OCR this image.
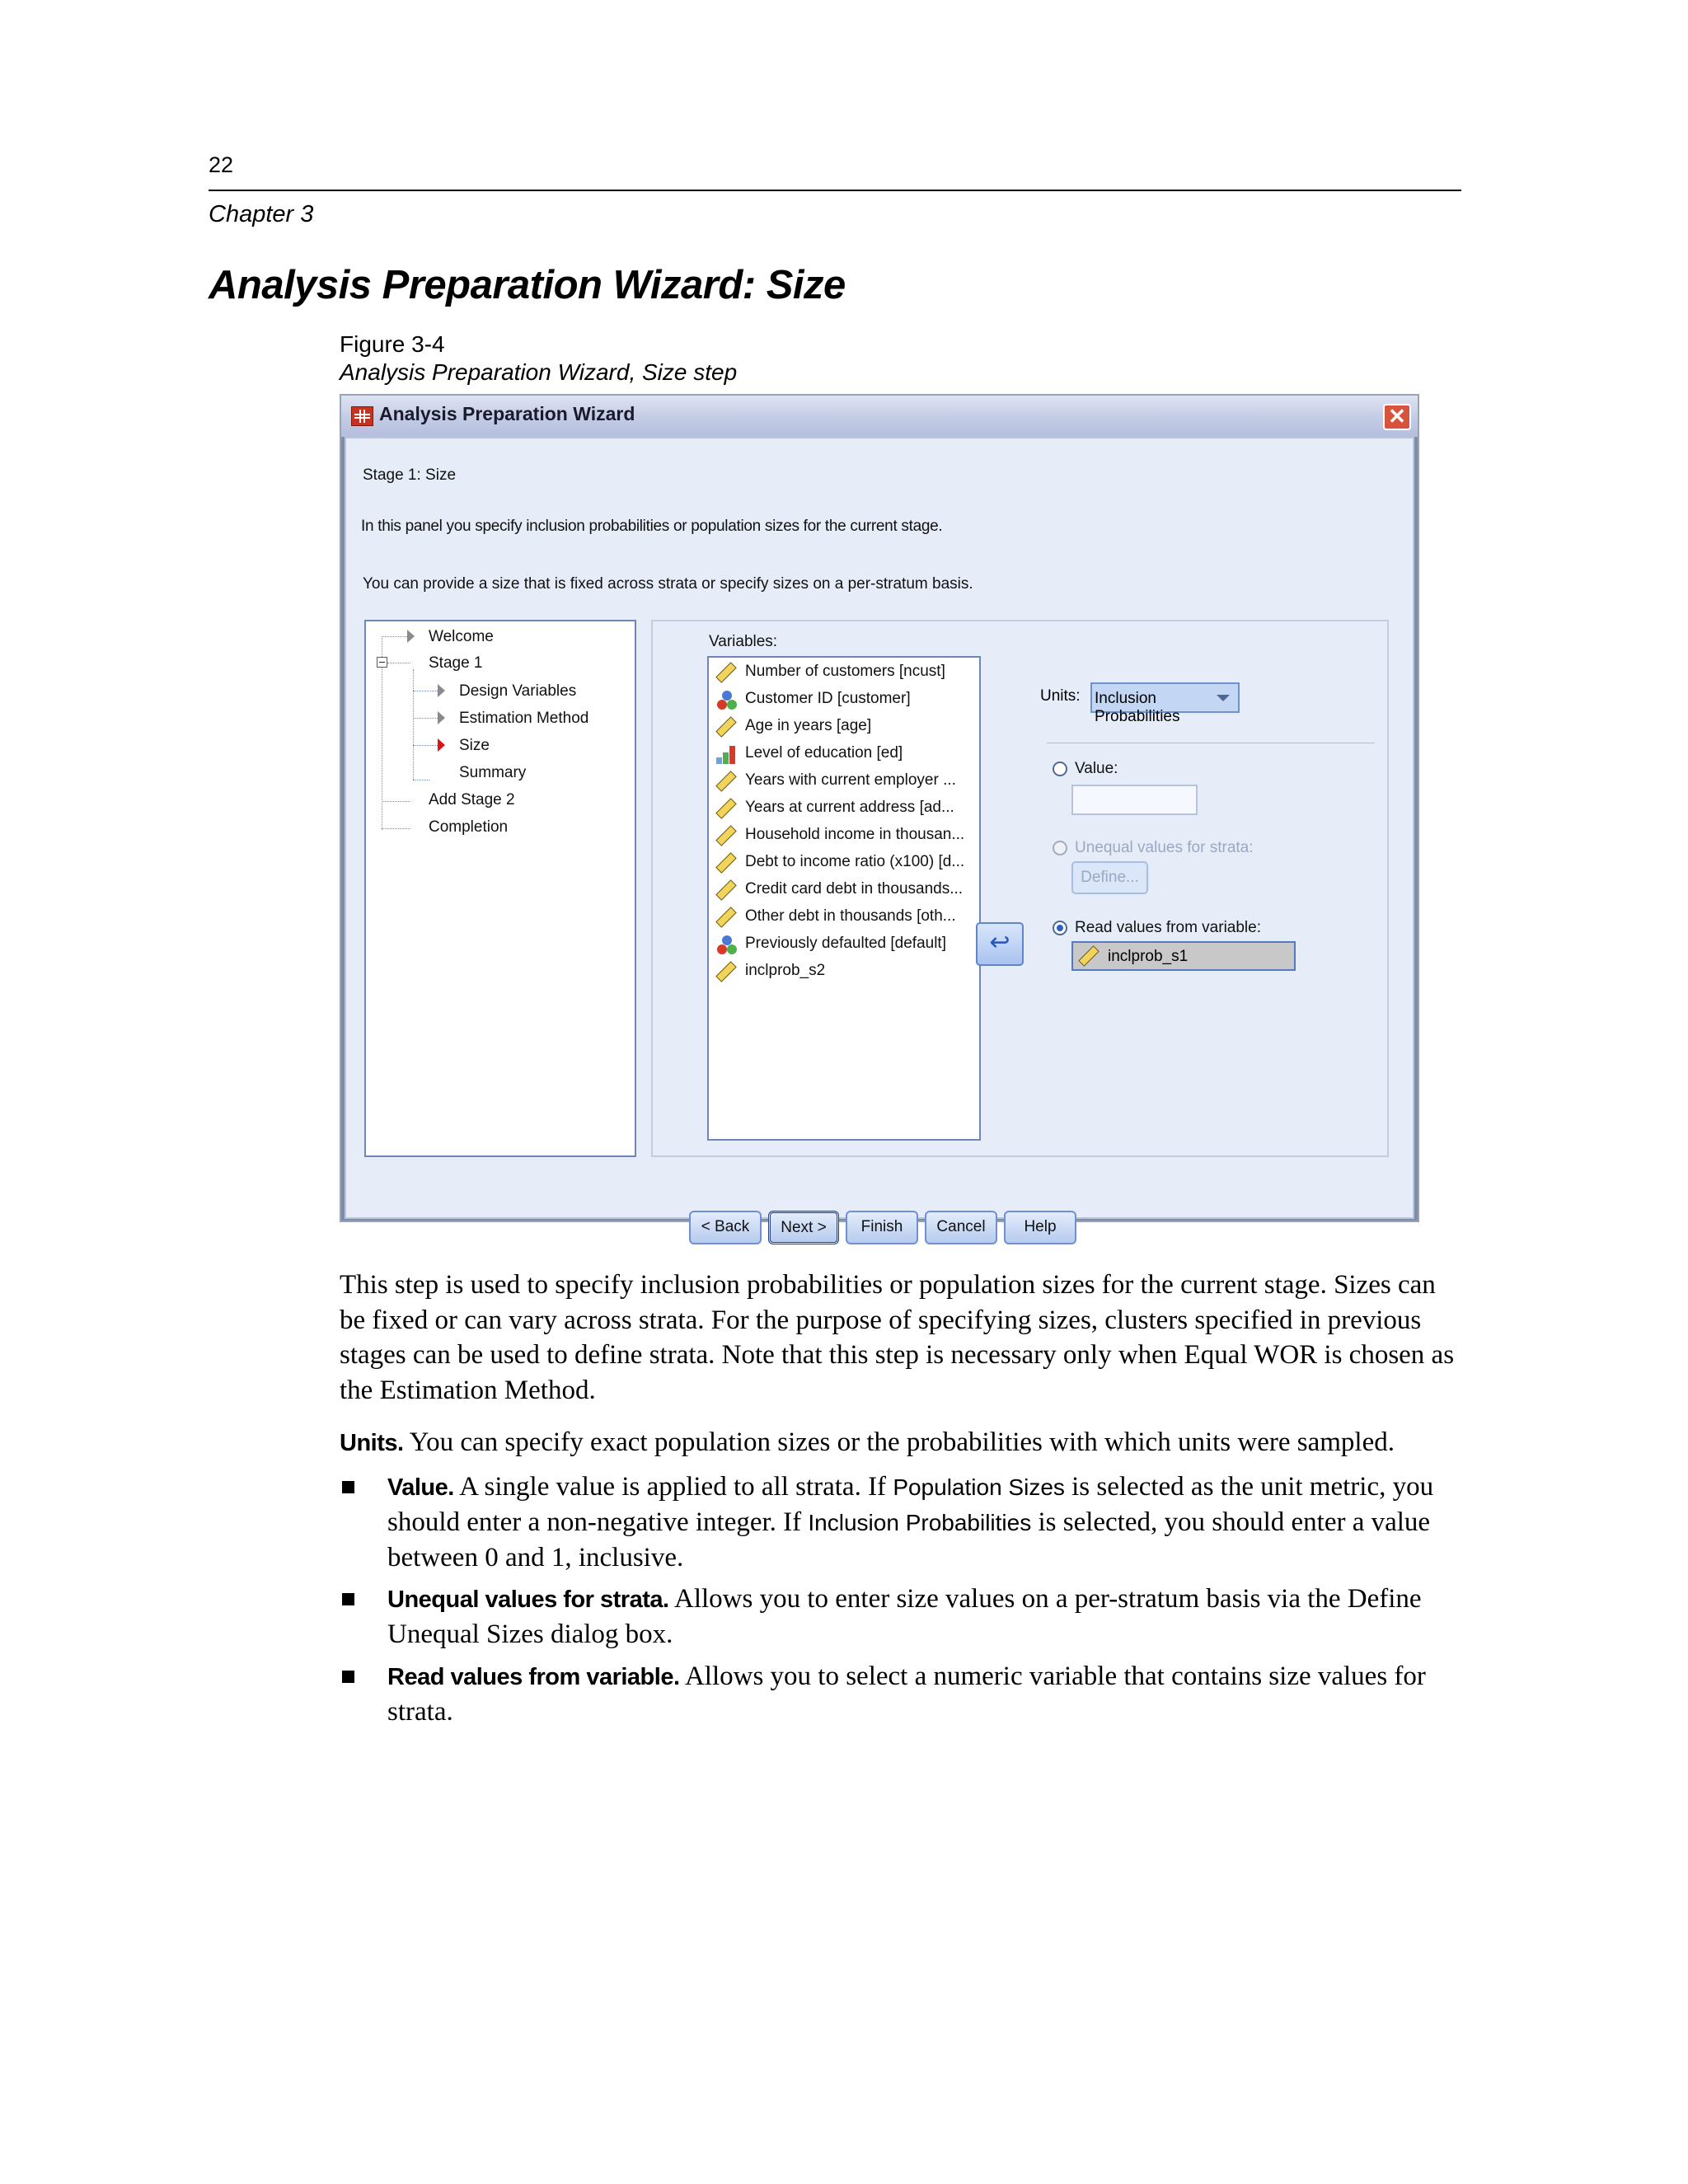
22
Chapter 3
Analysis Preparation Wizard: Size
Figure 3-4
Analysis Preparation Wizard, Size step
Analysis Preparation Wizard	✕
Stage 1: Size
In this panel you specify inclusion probabilities or population sizes for the current stage.
You can provide a size that is fixed across strata or specify sizes on a per-stratum basis.
Welcome
Stage 1
Design Variables
Estimation Method
Size
Summary
Add Stage 2
Completion
Variables:
Number of customers [ncust]
Customer ID [customer]
Age in years [age]
Level of education [ed]
Years with current employer ...
Years at current address [ad...
Household income in thousan...
Debt to income ratio (x100) [d...
Credit card debt in thousands...
Other debt in thousands [oth...
Previously defaulted [default]
inclprob_s2
↩
Units: Inclusion Probabilities
Value:
Unequal values for strata:
Define...
Read values from variable:
inclprob_s1
< Back	Next >	Finish	Cancel	Help
This step is used to specify inclusion probabilities or population sizes for the current stage. Sizes can be fixed or can vary across strata. For the purpose of specifying sizes, clusters specified in previous stages can be used to define strata. Note that this step is necessary only when Equal WOR is chosen as the Estimation Method.
Units. You can specify exact population sizes or the probabilities with which units were sampled.
Value. A single value is applied to all strata. If Population Sizes is selected as the unit metric, you should enter a non-negative integer. If Inclusion Probabilities is selected, you should enter a value between 0 and 1, inclusive.
Unequal values for strata. Allows you to enter size values on a per-stratum basis via the Define Unequal Sizes dialog box.
Read values from variable. Allows you to select a numeric variable that contains size values for strata.
